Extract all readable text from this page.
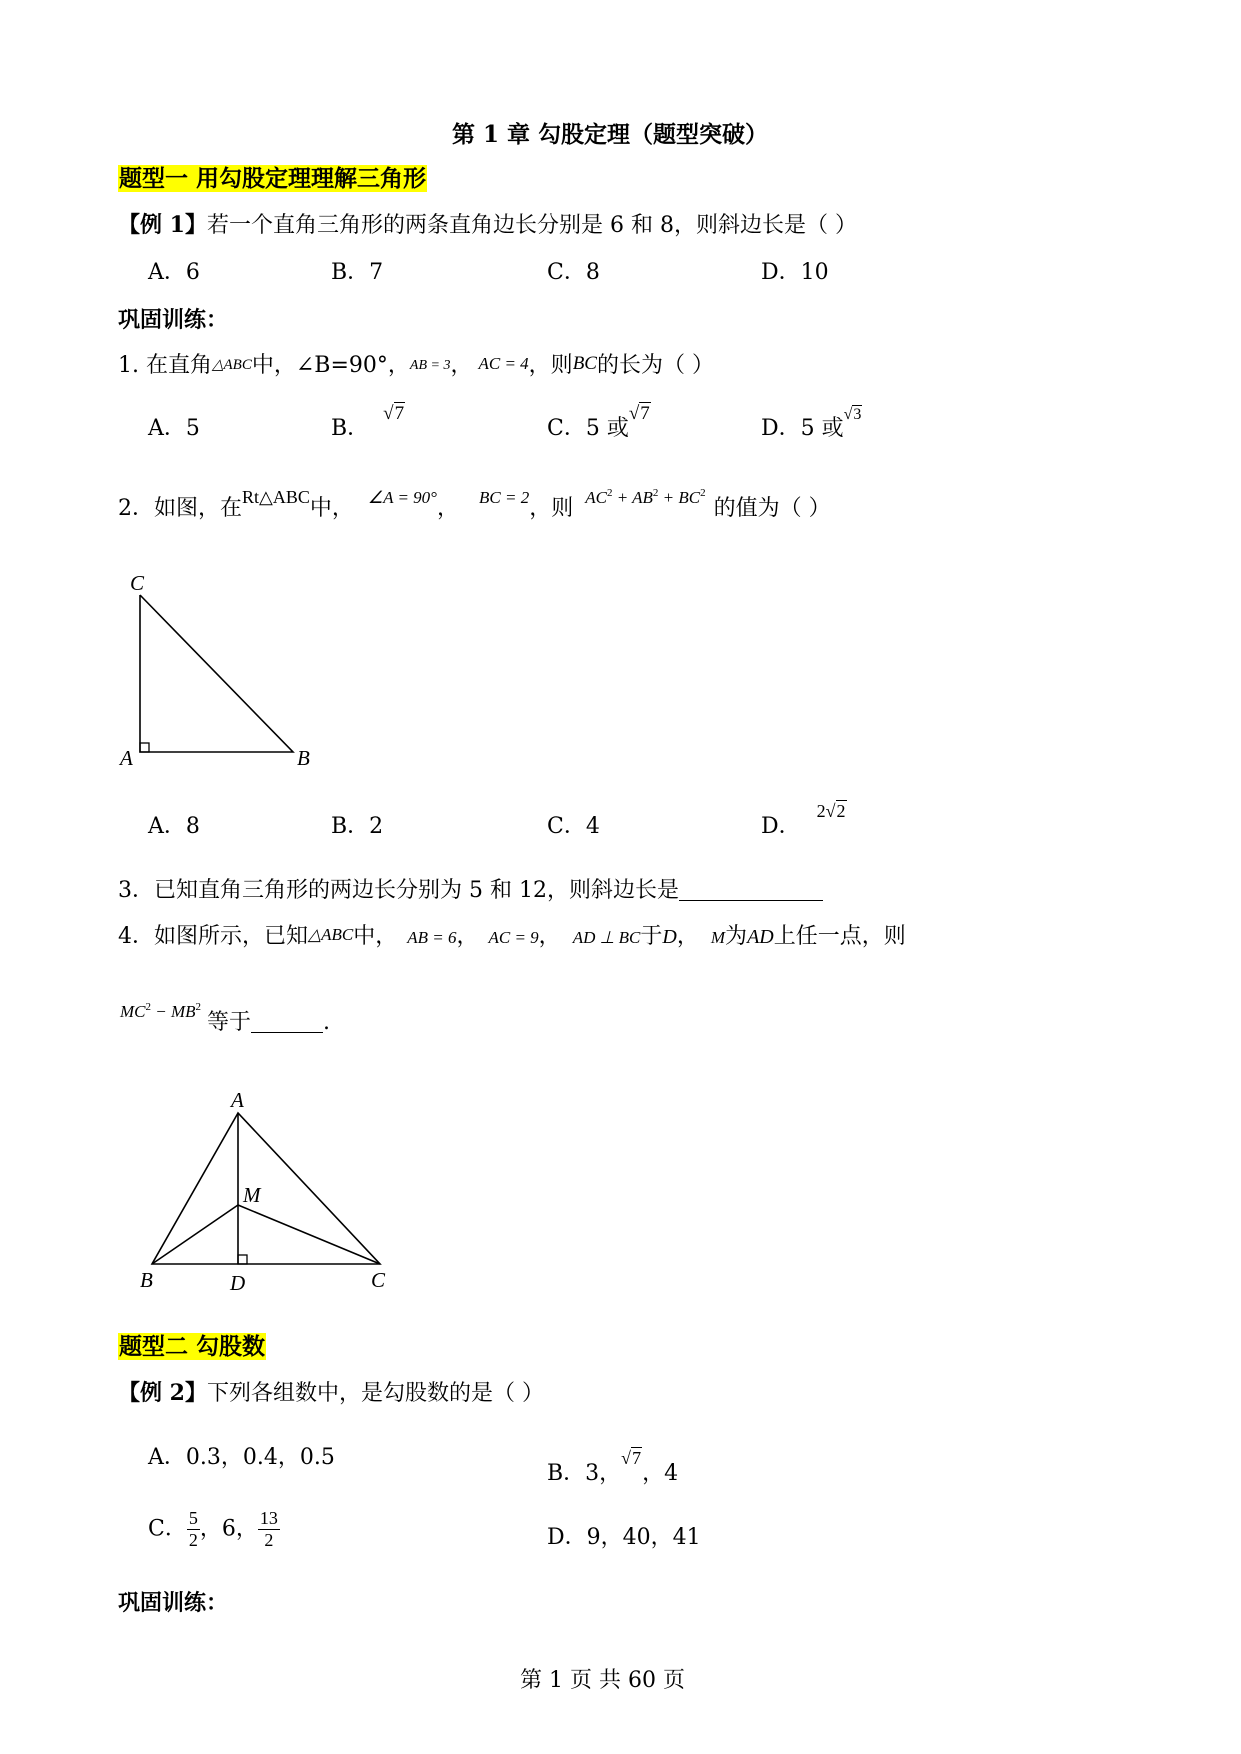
第 1 章 勾股定理（题型突破）
题型一 用勾股定理理解三角形
【例 1】若一个直角三角形的两条直角边长分别是 6 和 8，则斜边长是（ ）
A．6	B．7	C．8	D．10
巩固训练：
1. 在直角△ABC中，∠B=90°，AB = 3， AC = 4，则BC的长为（ ）
A．5	B．√7
C．5 或√7
D．5 或√3
2．如图，在$^{Rt\triangle ABC}$中， $^{\angle A = 90^\circ}$， $^{BC = 2}$，则 $^{AC^2 + AB^2 + BC^2}$的值为（ ）
C
A	B
A．8	B．2	C．4	D．2√2
3．已知直角三角形的两边长分别为 5 和 12，则斜边长是
4．如图所示，已知△ABC中， AB = 6， AC = 9， AD ⊥ BC于D， M为AD上任一点，则
$^{MC^2 - MB^2}$等于	.
A
M
B	D	C
题型二 勾股数
【例 2】下列各组数中，是勾股数的是（ ）
A．0.3，0.4，0.5
B．3，$^{√7}$，4
C． $\frac{5}{2}$ ，6， $\frac{13}{2}$	D．9，40，41
巩固训练：
第 1 页 共 60 页
